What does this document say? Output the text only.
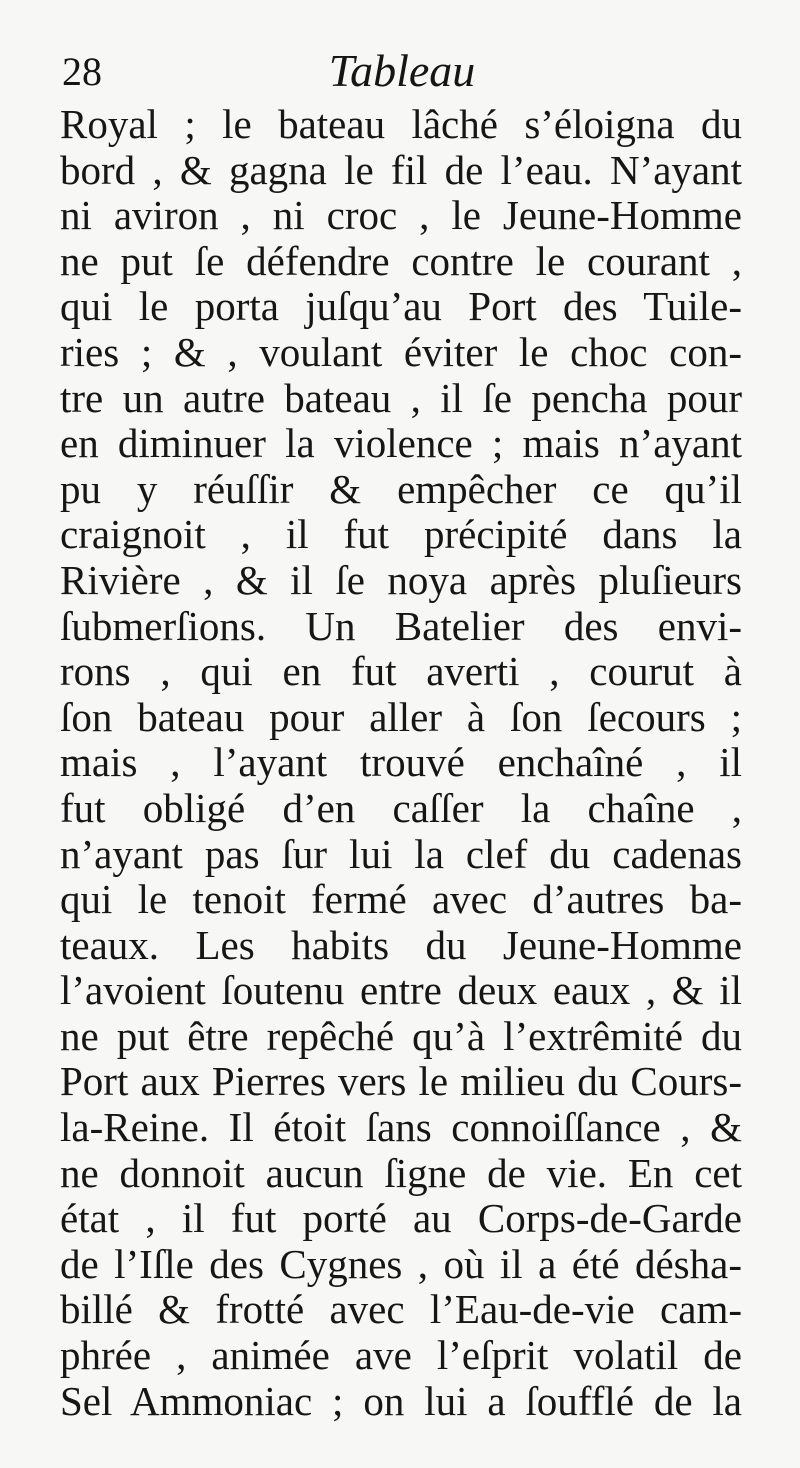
28	Tableau
Royal ; le bateau lâché s’éloigna du
bord , & gagna le fil de l’eau. N’ayant
ni aviron , ni croc , le Jeune-Homme
ne put ſe défendre contre le courant ,
qui le porta juſqu’au Port des Tuile-
ries ; & , voulant éviter le choc con-
tre un autre bateau , il ſe pencha pour
en diminuer la violence ; mais n’ayant
pu y réuſſir & empêcher ce qu’il
craignoit , il fut précipité dans la
Rivière , & il ſe noya après pluſieurs
ſubmerſions. Un Batelier des envi-
rons , qui en fut averti , courut à
ſon bateau pour aller à ſon ſecours ;
mais , l’ayant trouvé enchaîné , il
fut obligé d’en caſſer la chaîne ,
n’ayant pas ſur lui la clef du cadenas
qui le tenoit fermé avec d’autres ba-
teaux. Les habits du Jeune-Homme
l’avoient ſoutenu entre deux eaux , & il
ne put être repêché qu’à l’extrêmité du
Port aux Pierres vers le milieu du Cours-
la-Reine. Il étoit ſans connoiſſance , &
ne donnoit aucun ſigne de vie. En cet
état , il fut porté au Corps-de-Garde
de l’Iſle des Cygnes , où il a été désha-
billé & frotté avec l’Eau-de-vie cam-
phrée , animée ave l’eſprit volatil de
Sel Ammoniac ; on lui a ſoufflé de la
